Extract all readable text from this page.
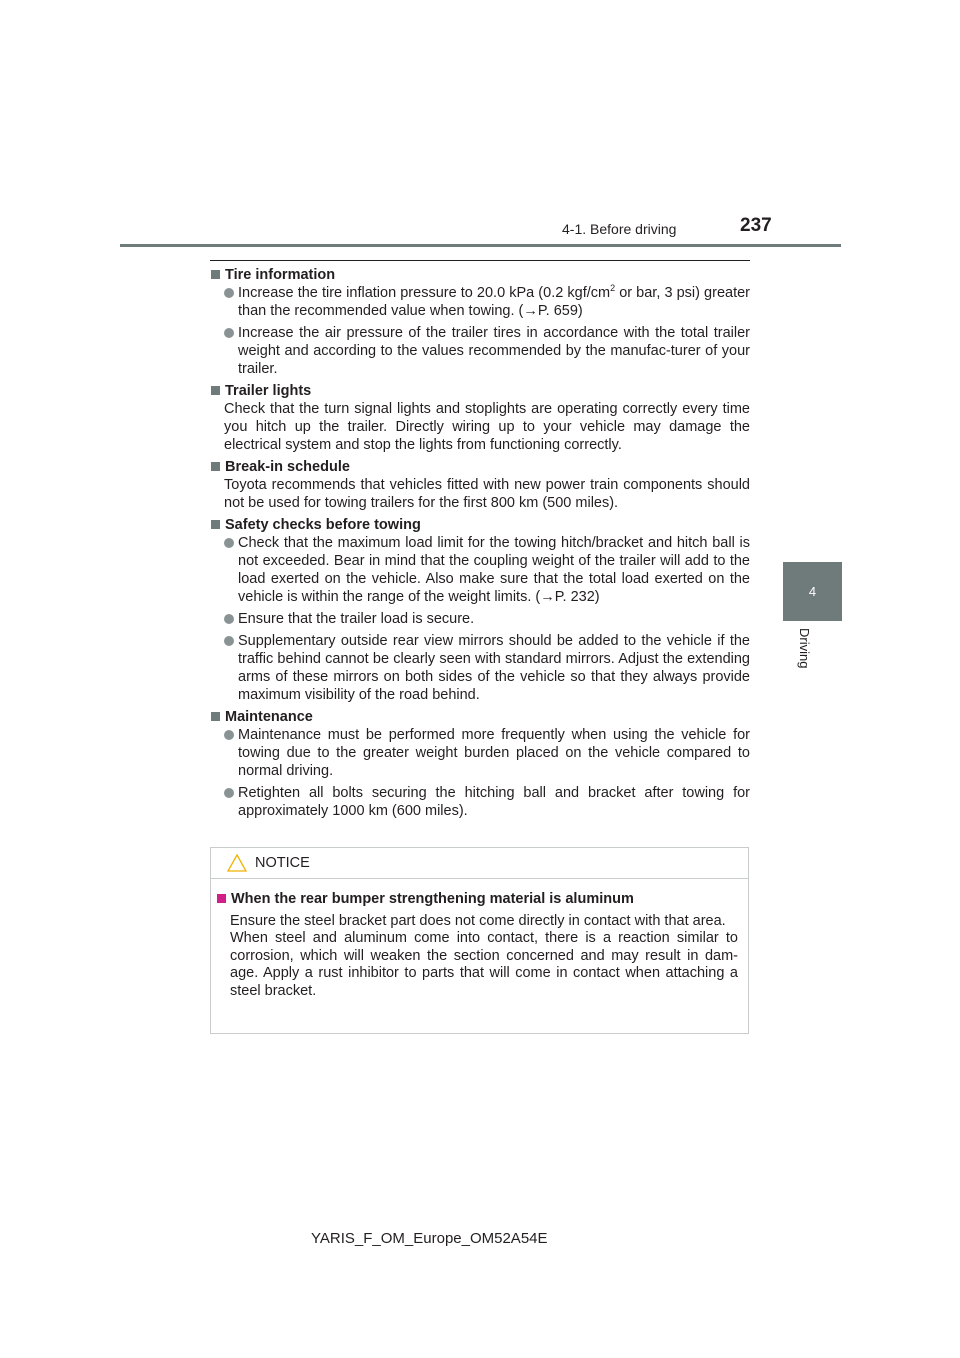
4-1. Before driving	237
4
Driving
Tire information
Increase the tire inflation pressure to 20.0 kPa (0.2 kgf/$cm^2$ or bar, 3 psi) greater than the recommended value when towing. (→P. 659)
Increase the air pressure of the trailer tires in accordance with the total trailer weight and according to the values recommended by the manufac-turer of your trailer.
Trailer lights
Check that the turn signal lights and stoplights are operating correctly every time you hitch up the trailer. Directly wiring up to your vehicle may damage the electrical system and stop the lights from functioning correctly.
Break-in schedule
Toyota recommends that vehicles fitted with new power train components should not be used for towing trailers for the first 800 km (500 miles).
Safety checks before towing
Check that the maximum load limit for the towing hitch/bracket and hitch ball is not exceeded. Bear in mind that the coupling weight of the trailer will add to the load exerted on the vehicle. Also make sure that the total load exerted on the vehicle is within the range of the weight limits. (→P. 232)
Ensure that the trailer load is secure.
Supplementary outside rear view mirrors should be added to the vehicle if the traffic behind cannot be clearly seen with standard mirrors. Adjust the extending arms of these mirrors on both sides of the vehicle so that they always provide maximum visibility of the road behind.
Maintenance
Maintenance must be performed more frequently when using the vehicle for towing due to the greater weight burden placed on the vehicle compared to normal driving.
Retighten all bolts securing the hitching ball and bracket after towing for approximately 1000 km (600 miles).
NOTICE
When the rear bumper strengthening material is aluminum
Ensure the steel bracket part does not come directly in contact with that area.
When steel and aluminum come into contact, there is a reaction similar to corrosion, which will weaken the section concerned and may result in dam-age. Apply a rust inhibitor to parts that will come in contact when attaching a steel bracket.
YARIS_F_OM_Europe_OM52A54E
